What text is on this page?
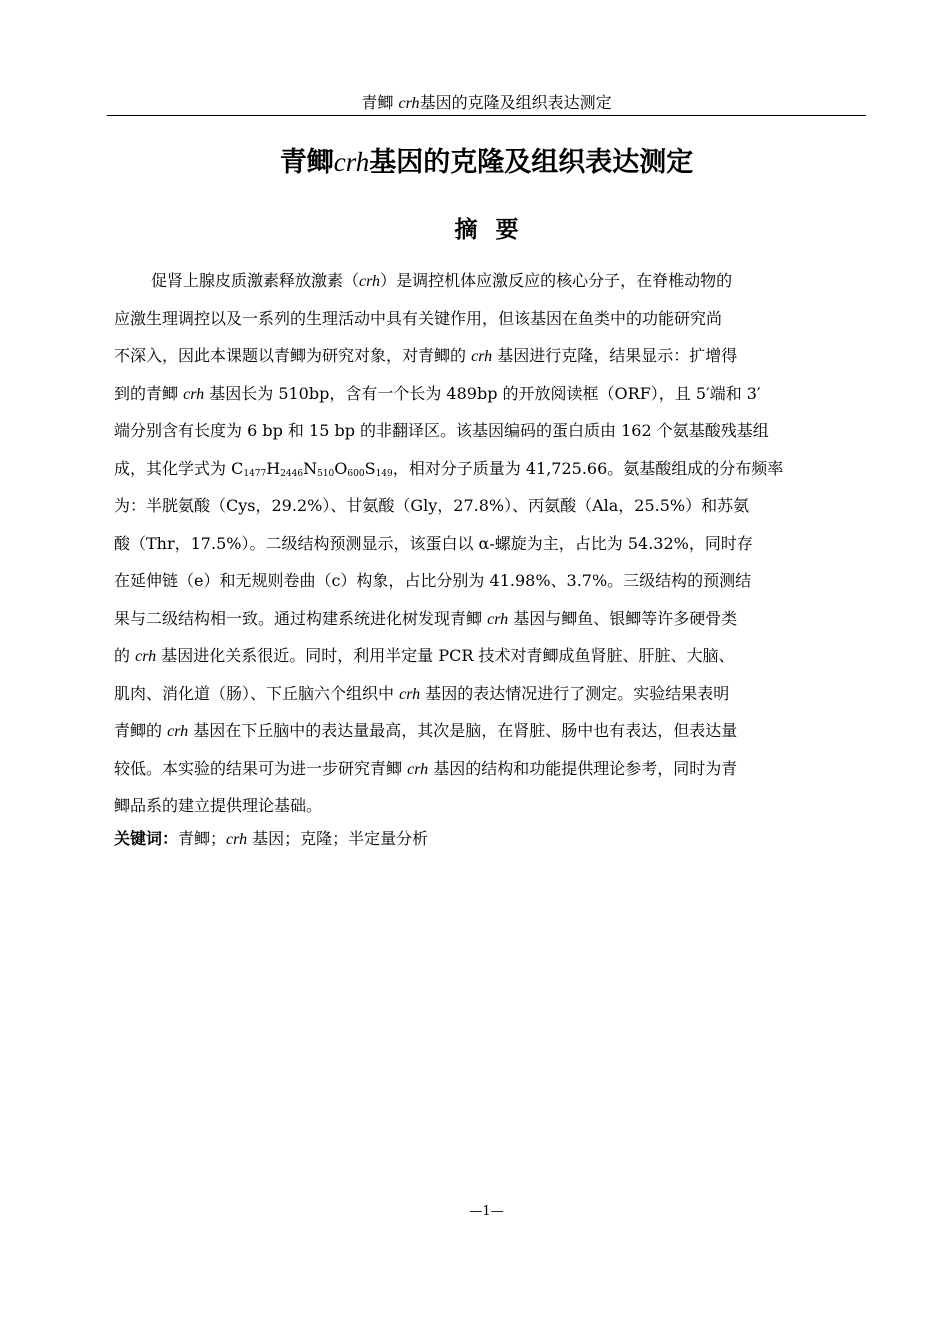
青鲫 crh基因的克隆及组织表达测定
青鲫crh基因的克隆及组织表达测定
摘要
促肾上腺皮质激素释放激素（crh）是调控机体应激反应的核心分子，在脊椎动物的
应激生理调控以及一系列的生理活动中具有关键作用，但该基因在鱼类中的功能研究尚
不深入，因此本课题以青鲫为研究对象，对青鲫的 crh 基因进行克隆，结果显示：扩增得
到的青鲫 crh 基因长为 510bp，含有一个长为 489bp 的开放阅读框（ORF），且 5′端和 3′
端分别含有长度为 6 bp 和 15 bp 的非翻译区。该基因编码的蛋白质由 162 个氨基酸残基组
成，其化学式为 $C_{1477}H_{2446}N_{510}O_{600}S_{149}$，相对分子质量为 41,725.66。氨基酸组成的分布频率
为：半胱氨酸（Cys，29.2%）、甘氨酸（Gly，27.8%）、丙氨酸（Ala，25.5%）和苏氨
酸（Thr，17.5%）。二级结构预测显示，该蛋白以 α-螺旋为主，占比为 54.32%，同时存
在延伸链（e）和无规则卷曲（c）构象，占比分别为 41.98%、3.7%。三级结构的预测结
果与二级结构相一致。通过构建系统进化树发现青鲫 crh 基因与鲫鱼、银鲫等许多硬骨类
的 crh 基因进化关系很近。同时，利用半定量 PCR 技术对青鲫成鱼肾脏、肝脏、大脑、
肌肉、消化道（肠）、下丘脑六个组织中 crh 基因的表达情况进行了测定。实验结果表明
青鲫的 crh 基因在下丘脑中的表达量最高，其次是脑，在肾脏、肠中也有表达，但表达量
较低。本实验的结果可为进一步研究青鲫 crh 基因的结构和功能提供理论参考，同时为青
鲫品系的建立提供理论基础。
关键词：青鲫；crh 基因；克隆；半定量分析
—1—
